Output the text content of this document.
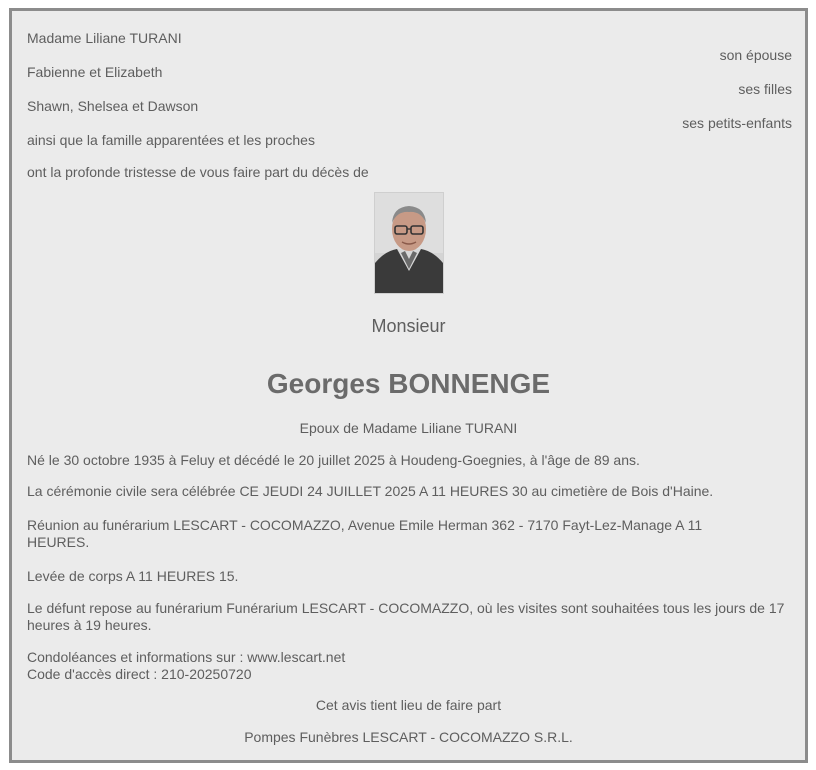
Madame Liliane TURANI
son épouse
Fabienne et Elizabeth
ses filles
Shawn, Shelsea et Dawson
ses petits-enfants
ainsi que la famille apparentées et les proches
ont la profonde tristesse de vous faire part du décès de
Monsieur
Georges BONNENGE
Epoux de Madame Liliane TURANI
Né le 30 octobre 1935 à Feluy et décédé le 20 juillet 2025 à Houdeng-Goegnies, à l'âge de 89 ans.
La cérémonie civile sera célébrée CE JEUDI 24 JUILLET 2025 A 11 HEURES 30 au cimetière de Bois d'Haine.
Réunion au funérarium LESCART - COCOMAZZO, Avenue Emile Herman 362 - 7170 Fayt-Lez-Manage A 11 HEURES.
Levée de corps A 11 HEURES 15.
Le défunt repose au funérarium Funérarium LESCART - COCOMAZZO, où les visites sont souhaitées tous les jours de 17 heures à 19 heures.
Condoléances et informations sur : www.lescart.net
Code d'accès direct : 210-20250720
Cet avis tient lieu de faire part
Pompes Funèbres LESCART - COCOMAZZO S.R.L.
